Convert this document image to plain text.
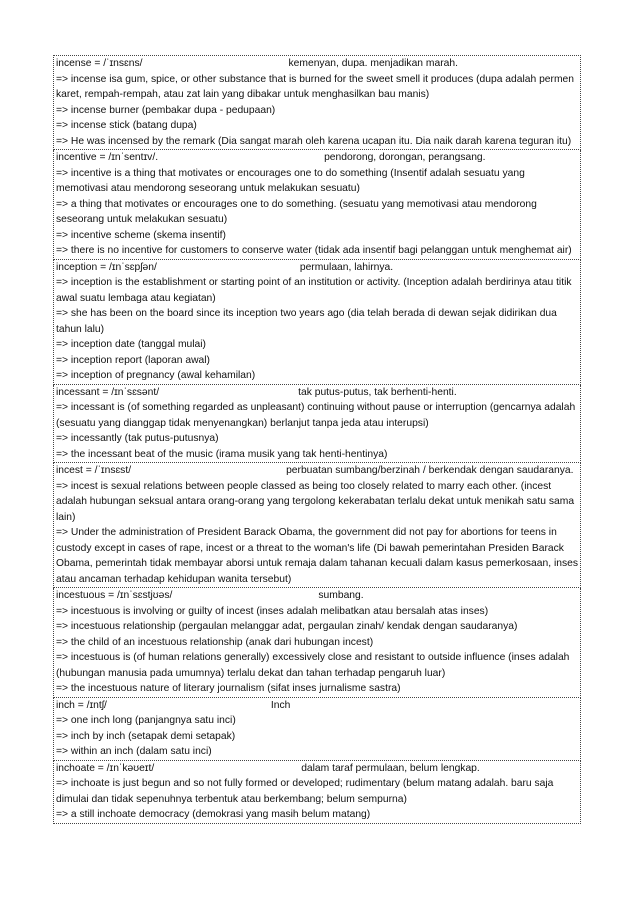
incense = /ˈɪnsɛns/	kemenyan, dupa. menjadikan marah.
=> incense isa gum, spice, or other substance that is burned for the sweet smell it produces (dupa adalah permen karet, rempah-rempah, atau zat lain yang dibakar untuk menghasilkan bau manis)
=> incense burner (pembakar dupa - pedupaan)
=> incense stick (batang dupa)
=> He was incensed by the remark (Dia sangat marah oleh karena ucapan itu. Dia naik darah karena teguran itu)
incentive = /ɪnˈsentɪv/.	pendorong, dorongan, perangsang.
=> incentive is a thing that motivates or encourages one to do something (Insentif adalah sesuatu yang memotivasi atau mendorong seseorang untuk melakukan sesuatu)
=> a thing that motivates or encourages one to do something. (sesuatu yang memotivasi atau mendorong seseorang untuk melakukan sesuatu)
=> incentive scheme (skema insentif)
=> there is no incentive for customers to conserve water (tidak ada insentif bagi pelanggan untuk menghemat air)
inception = /ɪnˈsɛpʃən/	permulaan, lahirnya.
=> inception is the establishment or starting point of an institution or activity. (Inception adalah berdirinya atau titik awal suatu lembaga atau kegiatan)
=> she has been on the board since its inception two years ago (dia telah berada di dewan sejak didirikan dua tahun lalu)
=> inception date (tanggal mulai)
=> inception report (laporan awal)
=> inception of pregnancy (awal kehamilan)
incessant = /ɪnˈsɛsənt/	tak putus-putus, tak berhenti-henti.
=> incessant is (of something regarded as unpleasant) continuing without pause or interruption (gencarnya adalah (sesuatu yang dianggap tidak menyenangkan) berlanjut tanpa jeda atau interupsi)
=> incessantly (tak putus-putusnya)
=> the incessant beat of the music (irama musik yang tak henti-hentinya)
incest = /ˈɪnsɛst/	perbuatan sumbang/berzinah / berkendak dengan saudaranya.
=> incest is sexual relations between people classed as being too closely related to marry each other. (incest adalah hubungan seksual antara orang-orang yang tergolong kekerabatan terlalu dekat untuk menikah satu sama lain)
=> Under the administration of President Barack Obama, the government did not pay for abortions for teens in custody except in cases of rape, incest or a threat to the woman's life (Di bawah pemerintahan Presiden Barack Obama, pemerintah tidak membayar aborsi untuk remaja dalam tahanan kecuali dalam kasus pemerkosaan, inses atau ancaman terhadap kehidupan wanita tersebut)
incestuous = /ɪnˈsɛstjʊəs/	sumbang.
=> incestuous is involving or guilty of incest (inses adalah melibatkan atau bersalah atas inses)
=> incestuous relationship (pergaulan melanggar adat, pergaulan zinah/ kendak dengan saudaranya)
=> the child of an incestuous relationship (anak dari hubungan incest)
=> incestuous is (of human relations generally) excessively close and resistant to outside influence (inses adalah (hubungan manusia pada umumnya) terlalu dekat dan tahan terhadap pengaruh luar)
=> the incestuous nature of literary journalism (sifat inses jurnalisme sastra)
inch = /ɪntʃ/	Inch
=> one inch long (panjangnya satu inci)
=> inch by inch (setapak demi setapak)
=> within an inch (dalam satu inci)
inchoate = /ɪnˈkəʊeɪt/	dalam taraf permulaan, belum lengkap.
=> inchoate is just begun and so not fully formed or developed; rudimentary (belum matang adalah. baru saja dimulai dan tidak sepenuhnya terbentuk atau berkembang; belum sempurna)
=> a still inchoate democracy (demokrasi yang masih belum matang)
